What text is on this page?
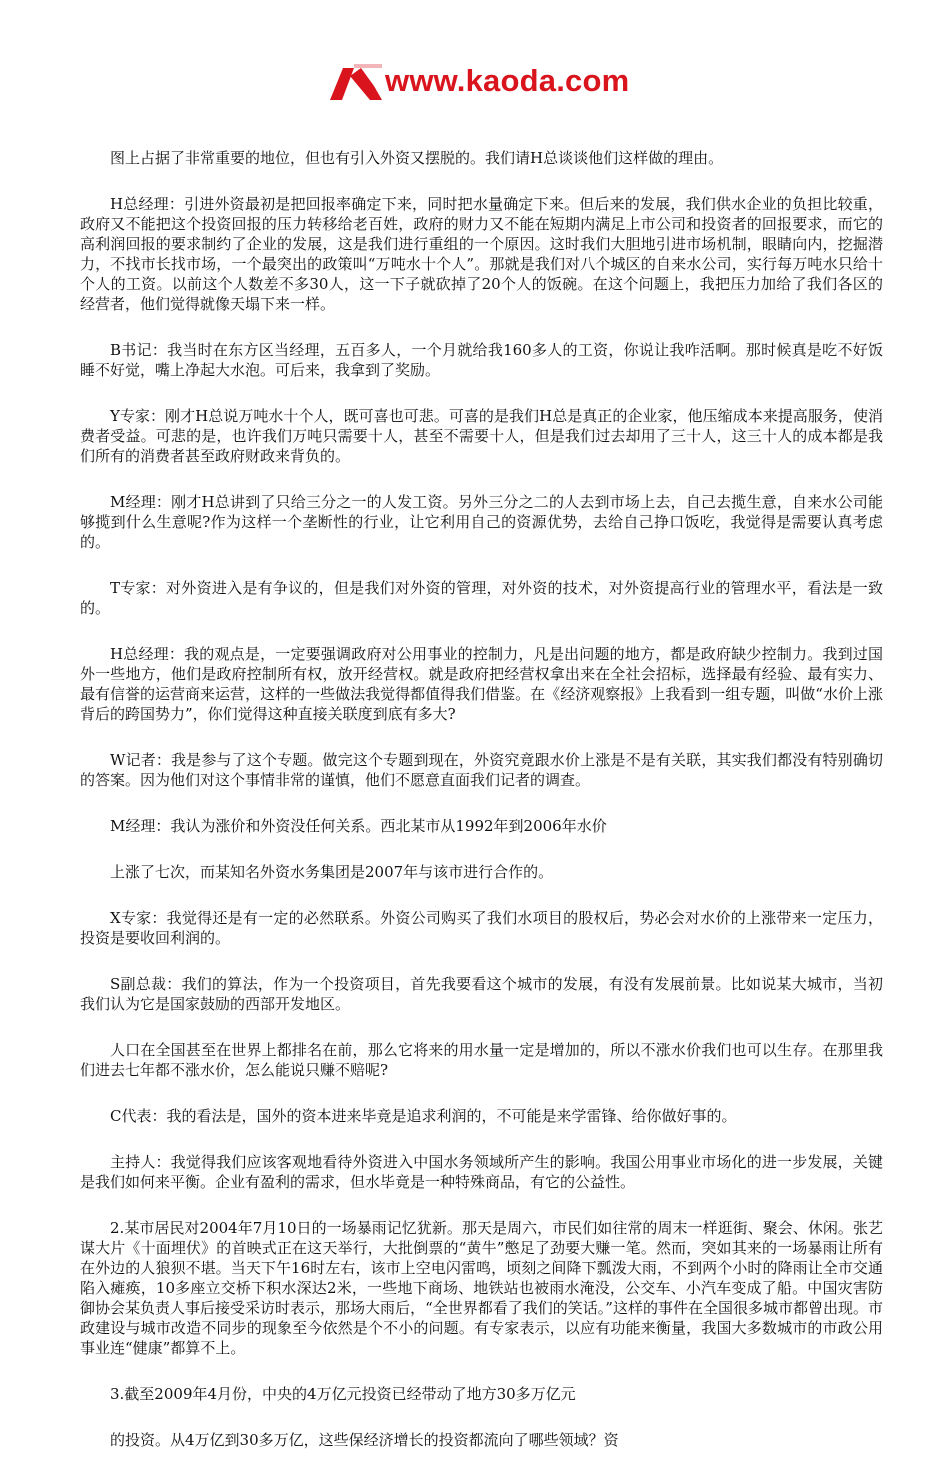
www.kaoda.com

图上占据了非常重要的地位，但也有引入外资又摆脱的。我们请H总谈谈他们这样做的理由。

H总经理：引进外资最初是把回报率确定下来，同时把水量确定下来。但后来的发展，我们供水企业的负担比较重，政府又不能把这个投资回报的压力转移给老百姓，政府的财力又不能在短期内满足上市公司和投资者的回报要求，而它的高利润回报的要求制约了企业的发展，这是我们进行重组的一个原因。这时我们大胆地引进市场机制，眼睛向内，挖掘潜力，不找市长找市场，一个最突出的政策叫“万吨水十个人”。那就是我们对八个城区的自来水公司，实行每万吨水只给十个人的工资。以前这个人数差不多30人，这一下子就砍掉了20个人的饭碗。在这个问题上，我把压力加给了我们各区的经营者，他们觉得就像天塌下来一样。

B书记：我当时在东方区当经理，五百多人，一个月就给我160多人的工资，你说让我咋活啊。那时候真是吃不好饭睡不好觉，嘴上净起大水泡。可后来，我拿到了奖励。

Y专家：刚才H总说万吨水十个人，既可喜也可悲。可喜的是我们H总是真正的企业家，他压缩成本来提高服务，使消费者受益。可悲的是，也许我们万吨只需要十人，甚至不需要十人，但是我们过去却用了三十人，这三十人的成本都是我们所有的消费者甚至政府财政来背负的。

M经理：刚才H总讲到了只给三分之一的人发工资。另外三分之二的人去到市场上去，自己去揽生意，自来水公司能够揽到什么生意呢?作为这样一个垄断性的行业，让它利用自己的资源优势，去给自己挣口饭吃，我觉得是需要认真考虑的。

T专家：对外资进入是有争议的，但是我们对外资的管理，对外资的技术，对外资提高行业的管理水平，看法是一致的。

H总经理：我的观点是，一定要强调政府对公用事业的控制力，凡是出问题的地方，都是政府缺少控制力。我到过国外一些地方，他们是政府控制所有权，放开经营权。就是政府把经营权拿出来在全社会招标，选择最有经验、最有实力、最有信誉的运营商来运营，这样的一些做法我觉得都值得我们借鉴。在《经济观察报》上我看到一组专题，叫做“水价上涨背后的跨国势力”，你们觉得这种直接关联度到底有多大?

W记者：我是参与了这个专题。做完这个专题到现在，外资究竟跟水价上涨是不是有关联，其实我们都没有特别确切的答案。因为他们对这个事情非常的谨慎，他们不愿意直面我们记者的调查。

M经理：我认为涨价和外资没任何关系。西北某市从1992年到2006年水价

上涨了七次，而某知名外资水务集团是2007年与该市进行合作的。

X专家：我觉得还是有一定的必然联系。外资公司购买了我们水项目的股权后，势必会对水价的上涨带来一定压力，投资是要收回利润的。

S副总裁：我们的算法，作为一个投资项目，首先我要看这个城市的发展，有没有发展前景。比如说某大城市，当初我们认为它是国家鼓励的西部开发地区。

人口在全国甚至在世界上都排名在前，那么它将来的用水量一定是增加的，所以不涨水价我们也可以生存。在那里我们进去七年都不涨水价，怎么能说只赚不赔呢?

C代表：我的看法是，国外的资本进来毕竟是追求利润的，不可能是来学雷锋、给你做好事的。

主持人：我觉得我们应该客观地看待外资进入中国水务领域所产生的影响。我国公用事业市场化的进一步发展，关键是我们如何来平衡。企业有盈利的需求，但水毕竟是一种特殊商品，有它的公益性。

2.某市居民对2004年7月10日的一场暴雨记忆犹新。那天是周六，市民们如往常的周末一样逛街、聚会、休闲。张艺谋大片《十面埋伏》的首映式正在这天举行，大批倒票的“黄牛”憋足了劲要大赚一笔。然而，突如其来的一场暴雨让所有在外边的人狼狈不堪。当天下午16时左右，该市上空电闪雷鸣，顷刻之间降下瓢泼大雨，不到两个小时的降雨让全市交通陷入瘫痪，10多座立交桥下积水深达2米，一些地下商场、地铁站也被雨水淹没，公交车、小汽车变成了船。中国灾害防御协会某负责人事后接受采访时表示，那场大雨后，“全世界都看了我们的笑话。”这样的事件在全国很多城市都曾出现。市政建设与城市改造不同步的现象至今依然是个不小的问题。有专家表示，以应有功能来衡量，我国大多数城市的市政公用事业连“健康”都算不上。

3.截至2009年4月份，中央的4万亿元投资已经带动了地方30多万亿元

的投资。从4万亿到30多万亿，这些保经济增长的投资都流向了哪些领域？资
